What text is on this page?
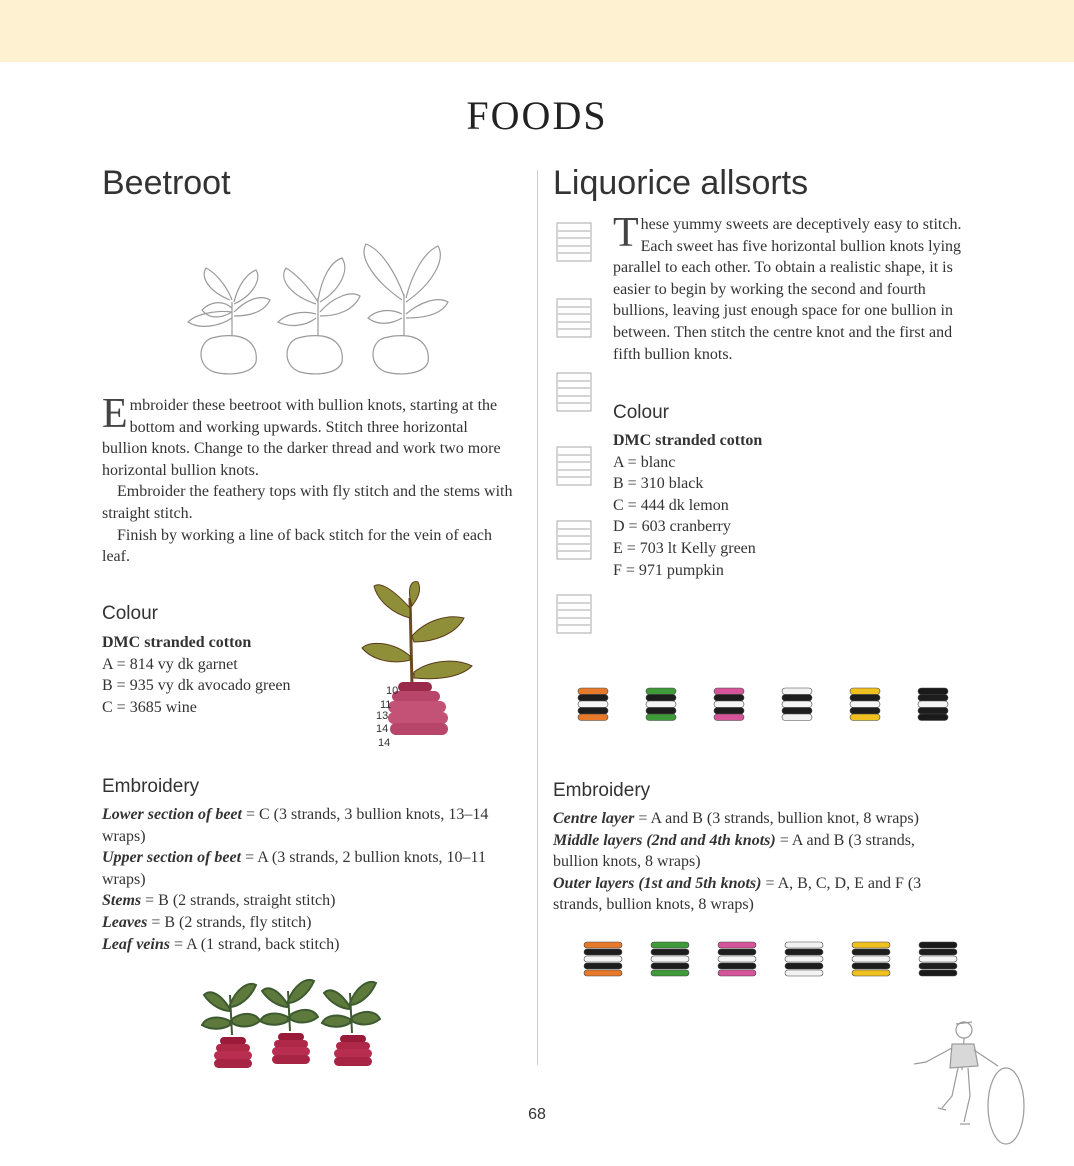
FOODS
Beetroot

Embroider these beetroot with bullion knots, starting at the bottom and working upwards. Stitch three horizontal bullion knots. Change to the darker thread and work two more horizontal bullion knots.

Embroider the feathery tops with fly stitch and the stems with straight stitch.

Finish by working a line of back stitch for the vein of each leaf.

Colour
DMC stranded cotton
A = 814 vy dk garnet
B = 935 vy dk avocado green
C = 3685 wine
10
11
13
14
14
Embroidery
Lower section of beet = C (3 strands, 3 bullion knots, 13–14 wraps)
Upper section of beet = A (3 strands, 2 bullion knots, 10–11 wraps)
Stems = B (2 strands, straight stitch)
Leaves = B (2 strands, fly stitch)
Leaf veins = A (1 strand, back stitch)
Liquorice allsorts

These yummy sweets are deceptively easy to stitch. Each sweet has five horizontal bullion knots lying parallel to each other. To obtain a realistic shape, it is easier to begin by working the second and fourth bullions, leaving just enough space for one bullion in between. Then stitch the centre knot and the first and fifth bullion knots.

Colour
DMC stranded cotton
A = blanc
B = 310 black
C = 444 dk lemon
D = 603 cranberry
E = 703 lt Kelly green
F = 971 pumpkin
Embroidery
Centre layer = A and B (3 strands, bullion knot, 8 wraps)
Middle layers (2nd and 4th knots) = A and B (3 strands, bullion knots, 8 wraps)
Outer layers (1st and 5th knots) = A, B, C, D, E and F (3 strands, bullion knots, 8 wraps)
68
